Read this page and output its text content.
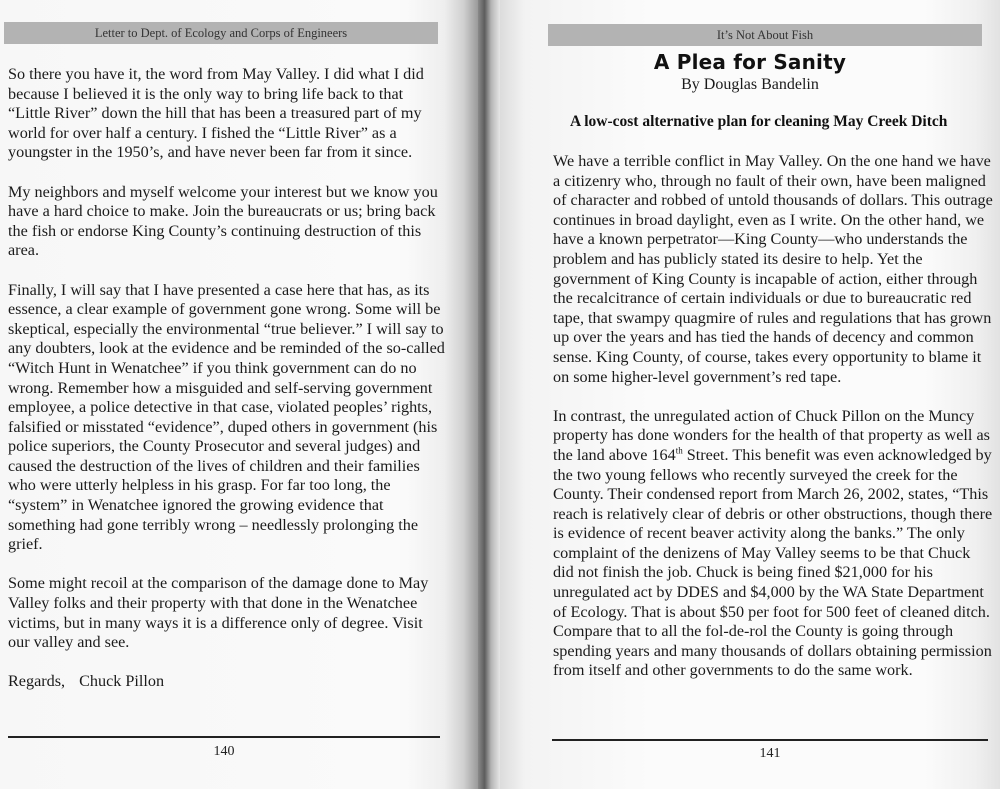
Letter to Dept. of Ecology and Corps of Engineers

So there you have it, the word from May Valley. I did what I did because I believed it is the only way to bring life back to that “Little River” down the hill that has been a treasured part of my world for over half a century. I fished the “Little River” as a youngster in the 1950’s, and have never been far from it since.

My neighbors and myself welcome your interest but we know you have a hard choice to make. Join the bureaucrats or us; bring back the fish or endorse King County’s continuing destruction of this area.

Finally, I will say that I have presented a case here that has, as its essence, a clear example of government gone wrong. Some will be skeptical, especially the environmental “true believer.” I will say to any doubters, look at the evidence and be reminded of the so-called “Witch Hunt in Wenatchee” if you think government can do no wrong. Remember how a misguided and self-serving government employee, a police detective in that case, violated peoples’ rights, falsified or misstated “evidence”, duped others in government (his police superiors, the County Prosecutor and several judges) and caused the destruction of the lives of children and their families who were utterly helpless in his grasp. For far too long, the “system” in Wenatchee ignored the growing evidence that something had gone terribly wrong – needlessly prolonging the grief.

Some might recoil at the comparison of the damage done to May Valley folks and their property with that done in the Wenatchee victims, but in many ways it is a difference only of degree. Visit our valley and see.

Regards, Chuck Pillon

140
It’s Not About Fish
A Plea for Sanity
By Douglas Bandelin
A low-cost alternative plan for cleaning May Creek Ditch

We have a terrible conflict in May Valley. On the one hand we have a citizenry who, through no fault of their own, have been maligned of character and robbed of untold thousands of dollars. This outrage continues in broad daylight, even as I write. On the other hand, we have a known perpetrator—King County—who understands the problem and has publicly stated its desire to help. Yet the government of King County is incapable of action, either through the recalcitrance of certain individuals or due to bureaucratic red tape, that swampy quagmire of rules and regulations that has grown up over the years and has tied the hands of decency and common sense. King County, of course, takes every opportunity to blame it on some higher-level government’s red tape.

In contrast, the unregulated action of Chuck Pillon on the Muncy property has done wonders for the health of that property as well as the land above 164th Street. This benefit was even acknowledged by the two young fellows who recently surveyed the creek for the County. Their condensed report from March 26, 2002, states, “This reach is relatively clear of debris or other obstructions, though there is evidence of recent beaver activity along the banks.” The only complaint of the denizens of May Valley seems to be that Chuck did not finish the job. Chuck is being fined $21,000 for his unregulated act by DDES and $4,000 by the WA State Department of Ecology. That is about $50 per foot for 500 feet of cleaned ditch. Compare that to all the fol-de-rol the County is going through spending years and many thousands of dollars obtaining permission from itself and other governments to do the same work.

141
